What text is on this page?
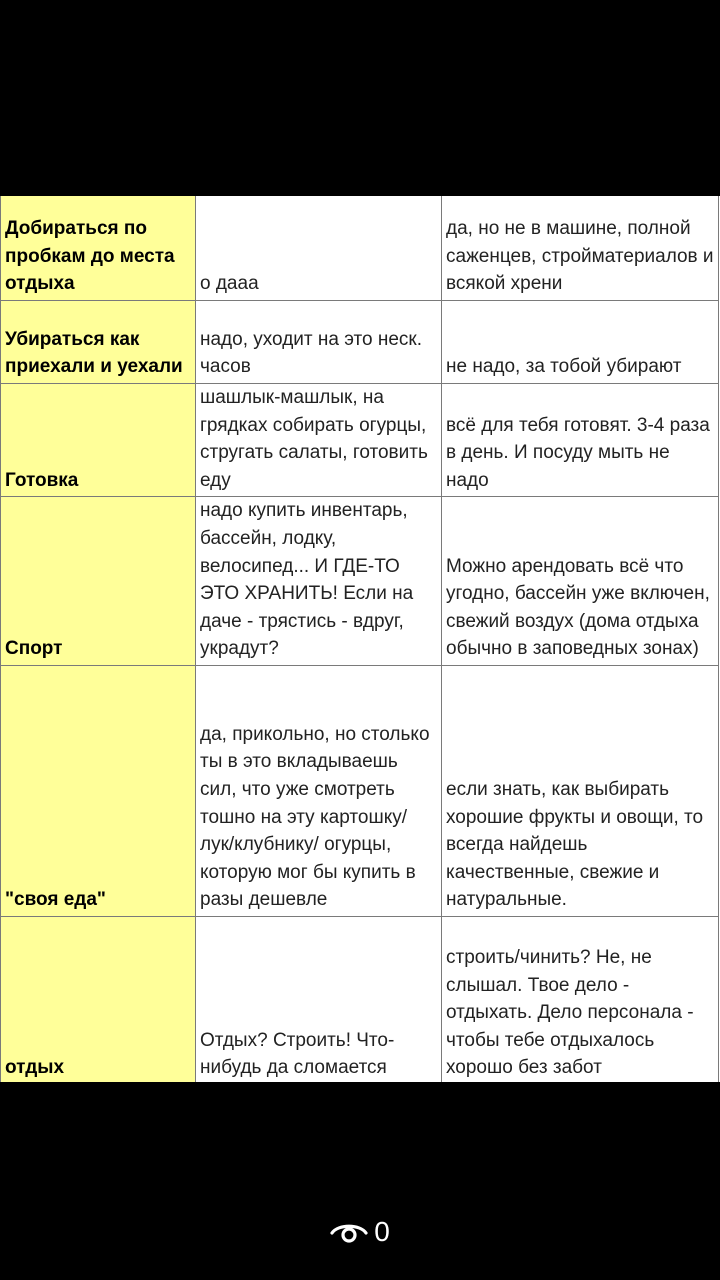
Добираться по пробкам до места отдыха	о дааа	да, но не в машине, полной саженцев, стройматериалов и всякой хрени
Убираться как приехали и уехали	надо, уходит на это неск. часов	не надо, за тобой убирают
Готовка	шашлык-машлык, на грядках собирать огурцы, стругать салаты, готовить еду	всё для тебя готовят. 3-4 раза в день. И посуду мыть не надо
Спорт	надо купить инвентарь, бассейн, лодку, велосипед... И ГДЕ-ТО ЭТО ХРАНИТЬ! Если на даче - трястись - вдруг, украдут?	Можно арендовать всё что угодно, бассейн уже включен, свежий воздух (дома отдыха обычно в заповедных зонах)
"своя еда"	да, прикольно, но столько ты в это вкладываешь сил, что уже смотреть тошно на эту картошку/лук/клубнику/ огурцы, которую мог бы купить в разы дешевле	если знать, как выбирать хорошие фрукты и овощи, то всегда найдешь качественные, свежие и натуральные.
отдых	Отдых? Строить! Что-нибудь да сломается	строить/чинить? Не, не слышал. Твое дело - отдыхать. Дело персонала - чтобы тебе отдыхалось хорошо без забот
0
